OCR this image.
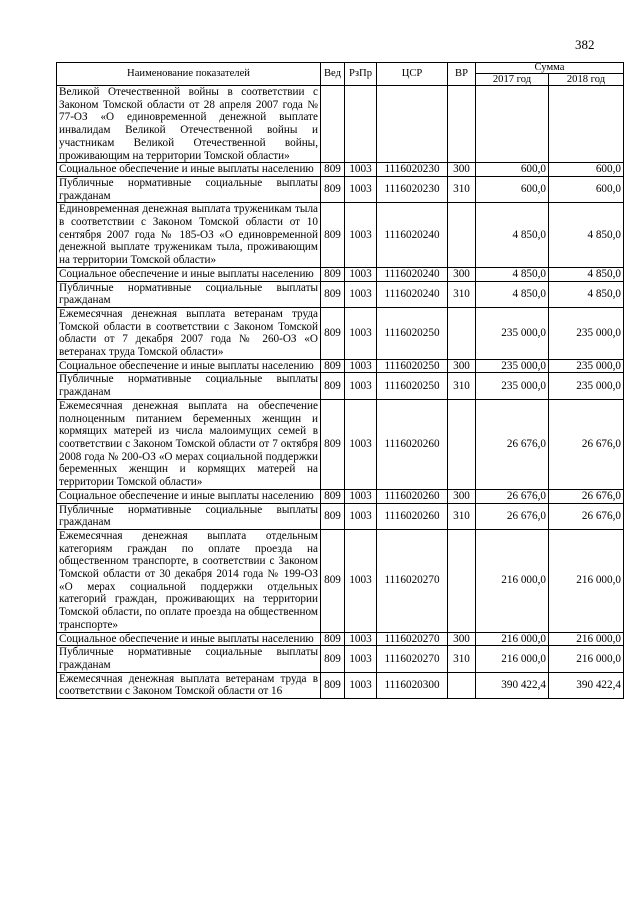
382
Наименование показателей	Вед	РзПр	ЦСР	ВР	Сумма	
					2017 год	2018 год
Великой Отечественной войны в соответствии с Законом Томской области от 28 апреля 2007 года № 77-ОЗ «О единовременной денежной выплате инвалидам Великой Отечественной войны и участникам Великой Отечественной войны, проживающим на территории Томской области»						
Социальное обеспечение и иные выплаты населению	809	1003	1116020230	300	600,0	600,0
Публичные нормативные социальные выплаты гражданам	809	1003	1116020230	310	600,0	600,0
Единовременная денежная выплата труженикам тыла в соответствии с Законом Томской области от 10 сентября 2007 года № 185-ОЗ «О единовременной денежной выплате труженикам тыла, проживающим на территории Томской области»	809	1003	1116020240		4 850,0	4 850,0
Социальное обеспечение и иные выплаты населению	809	1003	1116020240	300	4 850,0	4 850,0
Публичные нормативные социальные выплаты гражданам	809	1003	1116020240	310	4 850,0	4 850,0
Ежемесячная денежная выплата ветеранам труда Томской области в соответствии с Законом Томской области от 7 декабря 2007 года № 260-ОЗ «О ветеранах труда Томской области»	809	1003	1116020250		235 000,0	235 000,0
Социальное обеспечение и иные выплаты населению	809	1003	1116020250	300	235 000,0	235 000,0
Публичные нормативные социальные выплаты гражданам	809	1003	1116020250	310	235 000,0	235 000,0
Ежемесячная денежная выплата на обеспечение полноценным питанием беременных женщин и кормящих матерей из числа малоимущих семей в соответствии с Законом Томской области от 7 октября 2008 года № 200-ОЗ «О мерах социальной поддержки беременных женщин и кормящих матерей на территории Томской области»	809	1003	1116020260		26 676,0	26 676,0
Социальное обеспечение и иные выплаты населению	809	1003	1116020260	300	26 676,0	26 676,0
Публичные нормативные социальные выплаты гражданам	809	1003	1116020260	310	26 676,0	26 676,0
Ежемесячная денежная выплата отдельным категориям граждан по оплате проезда на общественном транспорте, в соответствии с Законом Томской области от 30 декабря 2014 года № 199-ОЗ «О мерах социальной поддержки отдельных категорий граждан, проживающих на территории Томской области, по оплате проезда на общественном транспорте»	809	1003	1116020270		216 000,0	216 000,0
Социальное обеспечение и иные выплаты населению	809	1003	1116020270	300	216 000,0	216 000,0
Публичные нормативные социальные выплаты гражданам	809	1003	1116020270	310	216 000,0	216 000,0
Ежемесячная денежная выплата ветеранам труда в соответствии с Законом Томской области от 16	809	1003	1116020300		390 422,4	390 422,4
